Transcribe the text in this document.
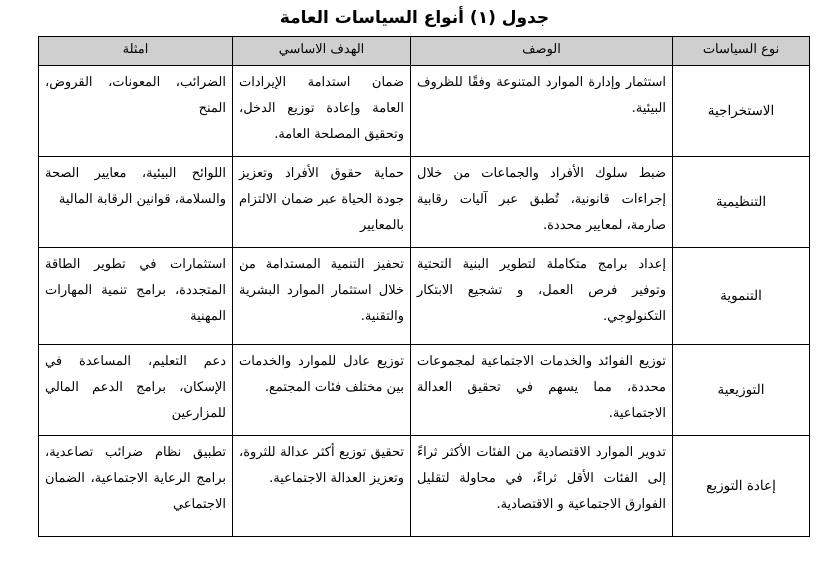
جدول (١) أنواع السياسات العامة
نوع السياسات	الوصف	الهدف الاساسي	امثلة
الاستخراجية	استثمار وإدارة الموارد المتنوعة وفقًا للظروف البيئية.	ضمان استدامة الإيرادات العامة وإعادة توزيع الدخل، وتحقيق المصلحة العامة.	الضرائب، المعونات، القروض، المنح
التنظيمية	ضبط سلوك الأفراد والجماعات من خلال إجراءات قانونية، تُطبق عبر آليات رقابية صارمة، لمعايير محددة.	حماية حقوق الأفراد وتعزيز جودة الحياة عبر ضمان الالتزام بالمعايير	اللوائح البيئية، معايير الصحة والسلامة، قوانين الرقابة المالية
التنموية	إعداد برامج متكاملة لتطوير البنية التحتية وتوفير فرص العمل، و تشجيع الابتكار التكنولوجي.	تحفيز التنمية المستدامة من خلال استثمار الموارد البشرية والتقنية.	استثمارات في تطوير الطاقة المتجددة، برامج تنمية المهارات المهنية
التوزيعية	توزيع الفوائد والخدمات الاجتماعية لمجموعات محددة، مما يسهم في تحقيق العدالة الاجتماعية.	توزيع عادل للموارد والخدمات بين مختلف فئات المجتمع.	دعم التعليم، المساعدة في الإسكان، برامج الدعم المالي للمزارعين
إعادة التوزيع	تدوير الموارد الاقتصادية من الفئات الأكثر ثراءً إلى الفئات الأقل ثراءً، في محاولة لتقليل الفوارق الاجتماعية و الاقتصادية.	تحقيق توزيع أكثر عدالة للثروة، وتعزيز العدالة الاجتماعية.	تطبيق نظام ضرائب تصاعدية، برامج الرعاية الاجتماعية، الضمان الاجتماعي
